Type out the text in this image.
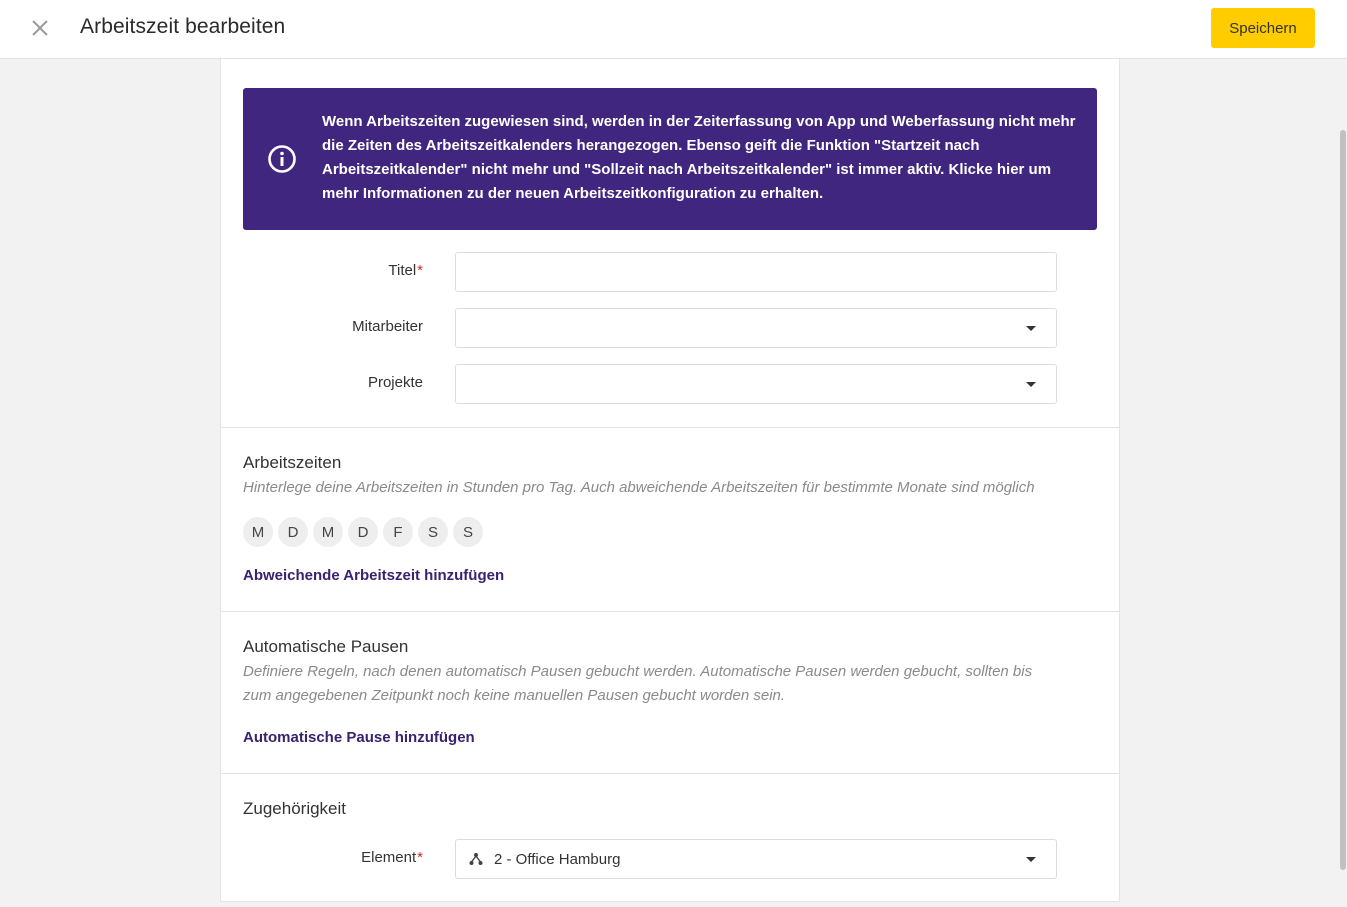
Arbeitszeit bearbeiten	Speichern
Wenn Arbeitszeiten zugewiesen sind, werden in der Zeiterfassung von App und Weberfassung nicht mehr die Zeiten des Arbeitszeitkalenders herangezogen. Ebenso geift die Funktion "Startzeit nach Arbeitszeitkalender" nicht mehr und "Sollzeit nach Arbeitszeitkalender" ist immer aktiv. Klicke hier um mehr Informationen zu der neuen Arbeitszeitkonfiguration zu erhalten.
Titel*
Mitarbeiter
Projekte
Arbeitszeiten
Hinterlege deine Arbeitszeiten in Stunden pro Tag. Auch abweichende Arbeitszeiten für bestimmte Monate sind möglich
M	D	M	D	F	S	S
Abweichende Arbeitszeit hinzufügen
Automatische Pausen
Definiere Regeln, nach denen automatisch Pausen gebucht werden. Automatische Pausen werden gebucht, sollten bis zum angegebenen Zeitpunkt noch keine manuellen Pausen gebucht worden sein.
Automatische Pause hinzufügen
Zugehörigkeit
Element*	2 - Office Hamburg
